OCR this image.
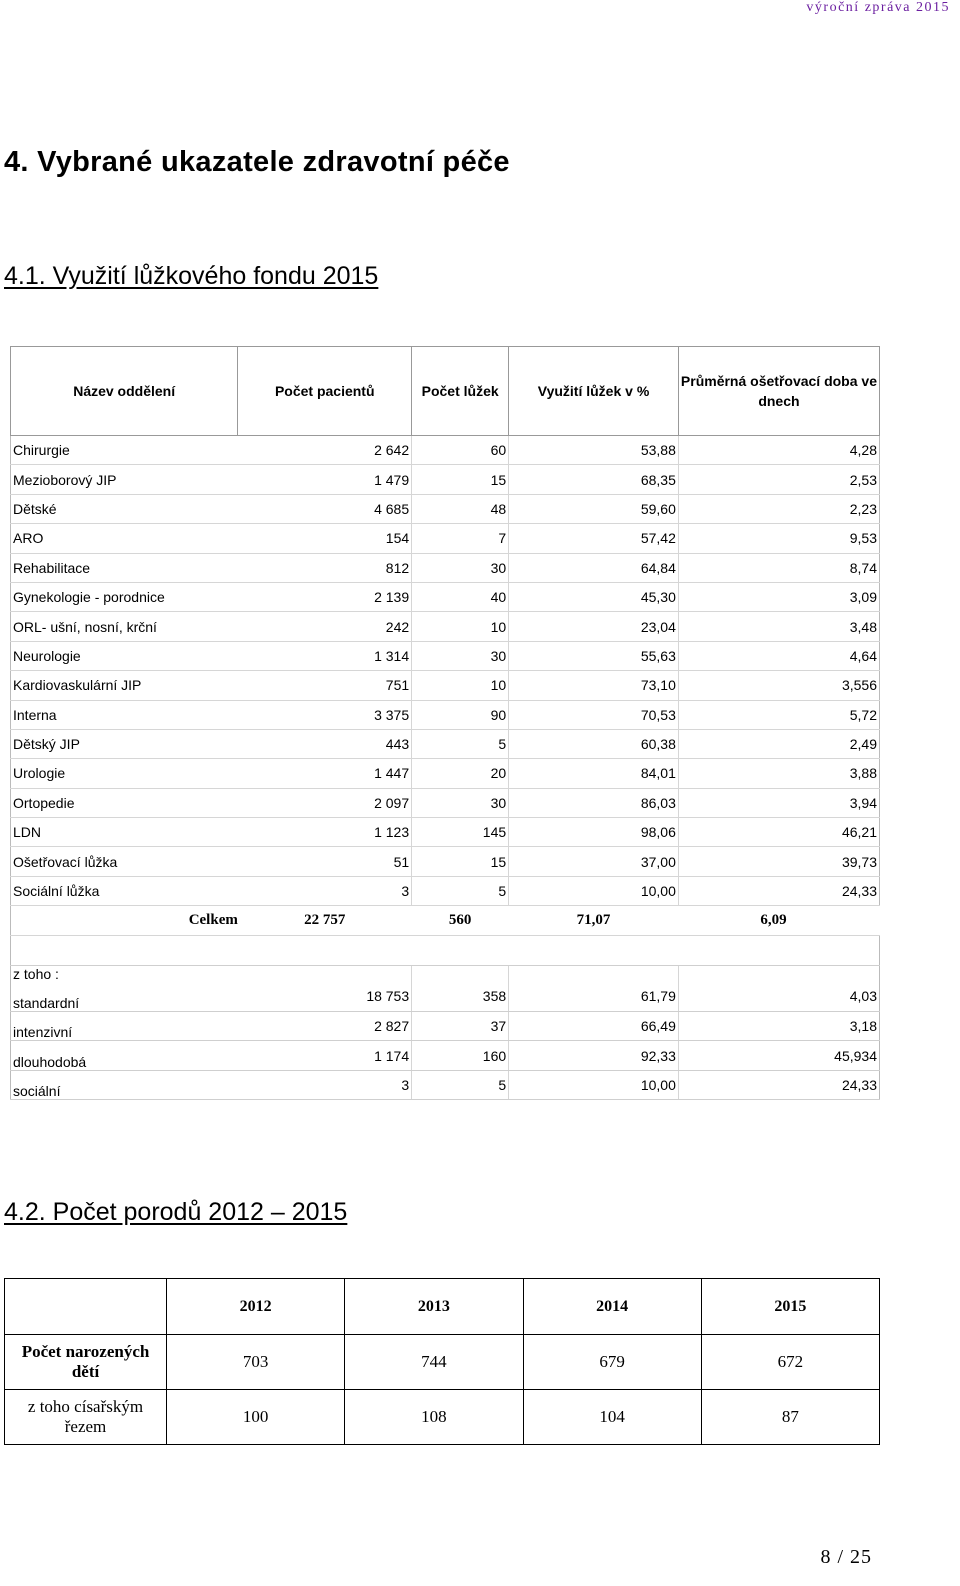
výroční zpráva 2015
4. Vybrané ukazatele zdravotní péče
4.1. Využití lůžkového fondu 2015
Název oddělení	Počet pacientů	Počet lůžek	Využití lůžek v %	Průměrná ošetřovací doba ve dnech
Chirurgie	2 642	60	53,88	4,28
Mezioborový JIP	1 479	15	68,35	2,53
Dětské	4 685	48	59,60	2,23
ARO	154	7	57,42	9,53
Rehabilitace	812	30	64,84	8,74
Gynekologie - porodnice	2 139	40	45,30	3,09
ORL- ušní, nosní, krční	242	10	23,04	3,48
Neurologie	1 314	30	55,63	4,64
Kardiovaskulární JIP	751	10	73,10	3,556
Interna	3 375	90	70,53	5,72
Dětský JIP	443	5	60,38	2,49
Urologie	1 447	20	84,01	3,88
Ortopedie	2 097	30	86,03	3,94
LDN	1 123	145	98,06	46,21
Ošetřovací lůžka	51	15	37,00	39,73
Sociální lůžka	3	5	10,00	24,33
Celkem	22 757	560	71,07	6,09

z toho :				
standardní	18 753	358	61,79	4,03
intenzivní	2 827	37	66,49	3,18
dlouhodobá	1 174	160	92,33	45,934
sociální	3	5	10,00	24,33
4.2. Počet porodů 2012 – 2015
	2012	2013	2014	2015
Počet narozených dětí	703	744	679	672
z toho císařským řezem	100	108	104	87
8 / 25
